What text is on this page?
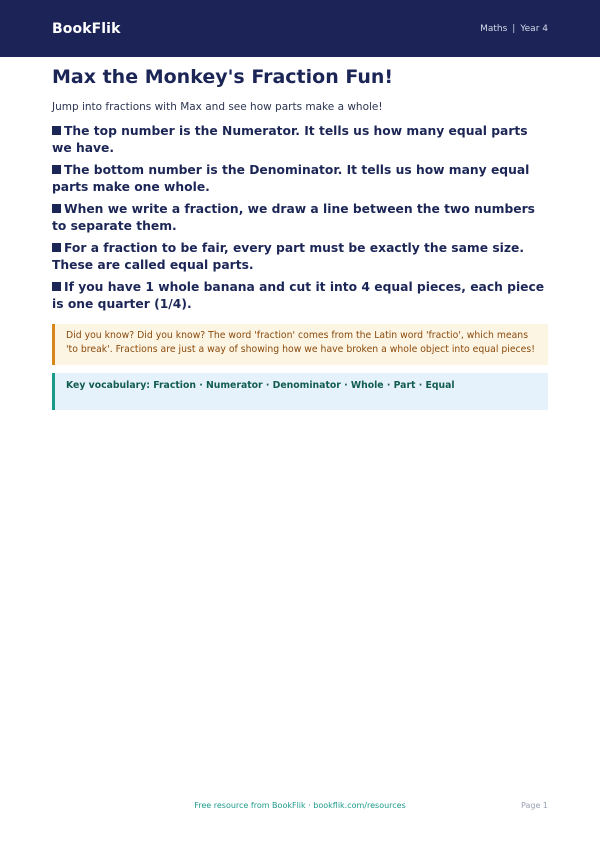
BookFlik	Maths | Year 4
Max the Monkey's Fraction Fun!
Jump into fractions with Max and see how parts make a whole!
The top number is the Numerator. It tells us how many equal parts we have.
The bottom number is the Denominator. It tells us how many equal parts make one whole.
When we write a fraction, we draw a line between the two numbers to separate them.
For a fraction to be fair, every part must be exactly the same size. These are called equal parts.
If you have 1 whole banana and cut it into 4 equal pieces, each piece is one quarter (1/4).
Did you know? Did you know? The word 'fraction' comes from the Latin word 'fractio', which means 'to break'. Fractions are just a way of showing how we have broken a whole object into equal pieces!
Key vocabulary: Fraction · Numerator · Denominator · Whole · Part · Equal
Free resource from BookFlik · bookflik.com/resources	Page 1
